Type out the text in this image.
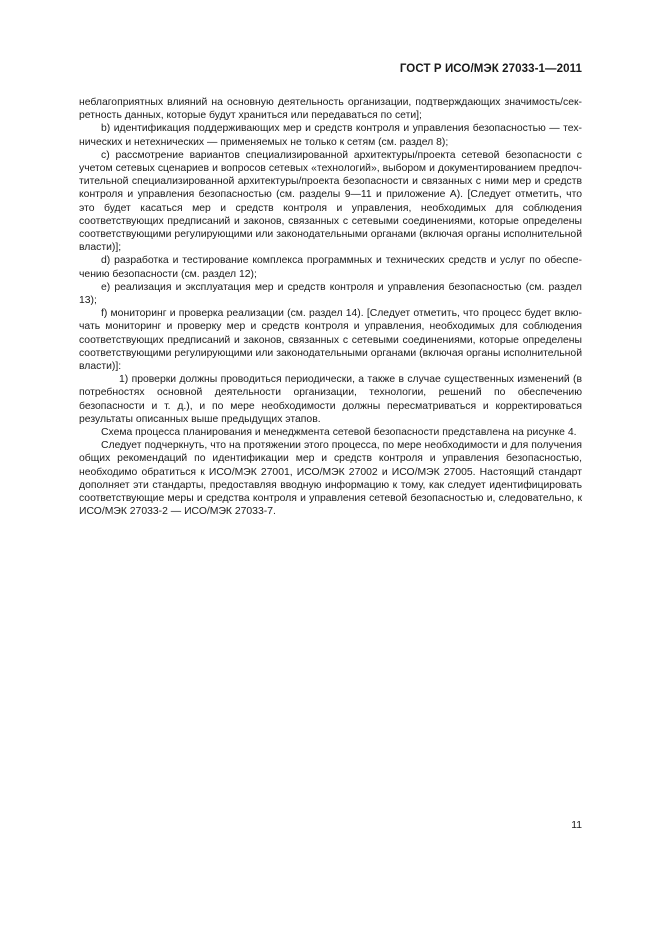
ГОСТ Р ИСО/МЭК 27033-1—2011

неблагоприятных влияний на основную деятельность организации, подтверждающих значимость/секретность данных, которые будут храниться или передаваться по сети];

b) идентификация поддерживающих мер и средств контроля и управления безопасностью — технических и нетехнических — применяемых не только к сетям (см. раздел 8);

c) рассмотрение вариантов специализированной архитектуры/проекта сетевой безопасности с учетом сетевых сценариев и вопросов сетевых «технологий», выбором и документированием предпочтительной специализированной архитектуры/проекта безопасности и связанных с ними мер и средств контроля и управления безопасностью (см. разделы 9—11 и приложение А). [Следует отметить, что это будет касаться мер и средств контроля и управления, необходимых для соблюдения соответствующих предписаний и законов, связанных с сетевыми соединениями, которые определены соответствующими регулирующими или законодательными органами (включая органы исполнительной власти)];

d) разработка и тестирование комплекса программных и технических средств и услуг по обеспечению безопасности (см. раздел 12);

e) реализация и эксплуатация мер и средств контроля и управления безопасностью (см. раздел 13);

f) мониторинг и проверка реализации (см. раздел 14). [Следует отметить, что процесс будет включать мониторинг и проверку мер и средств контроля и управления, необходимых для соблюдения соответствующих предписаний и законов, связанных с сетевыми соединениями, которые определены соответствующими регулирующими или законодательными органами (включая органы исполнительной власти)]:

1) проверки должны проводиться периодически, а также в случае существенных изменений (в потребностях основной деятельности организации, технологии, решений по обеспечению безопасности и т. д.), и по мере необходимости должны пересматриваться и корректироваться результаты описанных выше предыдущих этапов.

Схема процесса планирования и менеджмента сетевой безопасности представлена на рисунке 4.

Следует подчеркнуть, что на протяжении этого процесса, по мере необходимости и для получения общих рекомендаций по идентификации мер и средств контроля и управления безопасностью, необходимо обратиться к ИСО/МЭК 27001, ИСО/МЭК 27002 и ИСО/МЭК 27005. Настоящий стандарт дополняет эти стандарты, предоставляя вводную информацию к тому, как следует идентифицировать соответствующие меры и средства контроля и управления сетевой безопасностью и, следовательно, к ИСО/МЭК 27033-2 — ИСО/МЭК 27033-7.

11
